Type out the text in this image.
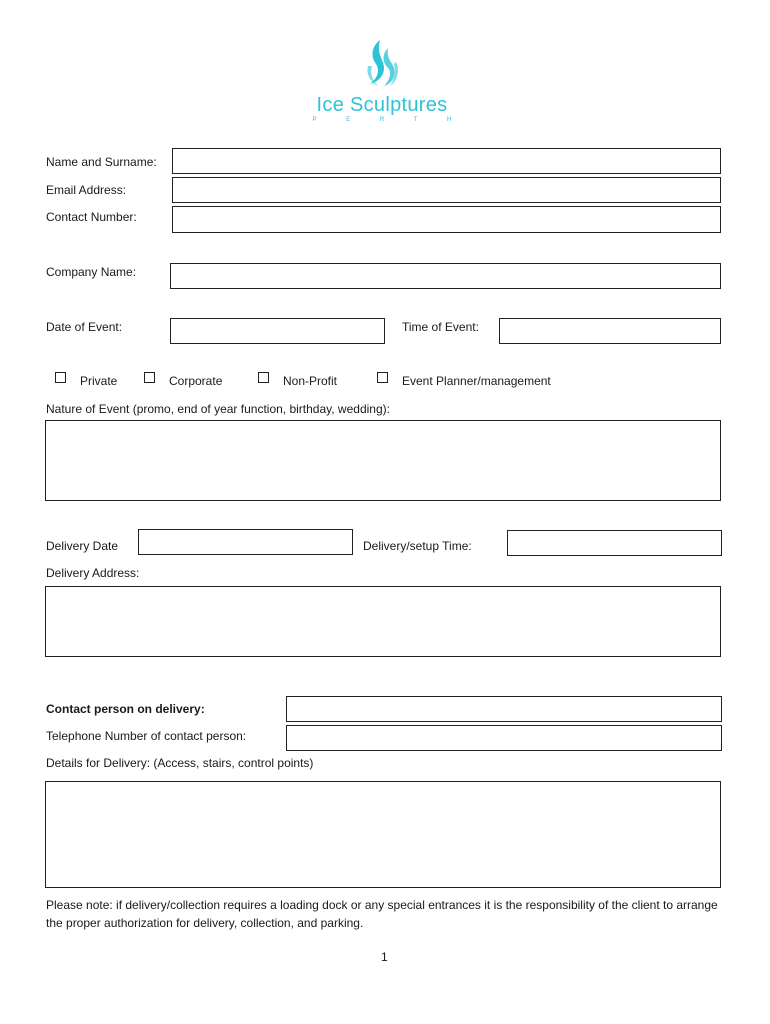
Ice Sculptures
P E R T H
Name and Surname:
Email Address:
Contact Number:
Company Name:
Date of Event:	Time of Event:
Private	Corporate	Non-Profit	Event Planner/management
Nature of Event (promo, end of year function, birthday, wedding):
Delivery Date	Delivery/setup Time:
Delivery Address:
Contact person on delivery:
Telephone Number of contact person:
Details for Delivery: (Access, stairs, control points)
Please note: if delivery/collection requires a loading dock or any special entrances it is the responsibility of the client to arrange the proper authorization for delivery, collection, and parking.
1
